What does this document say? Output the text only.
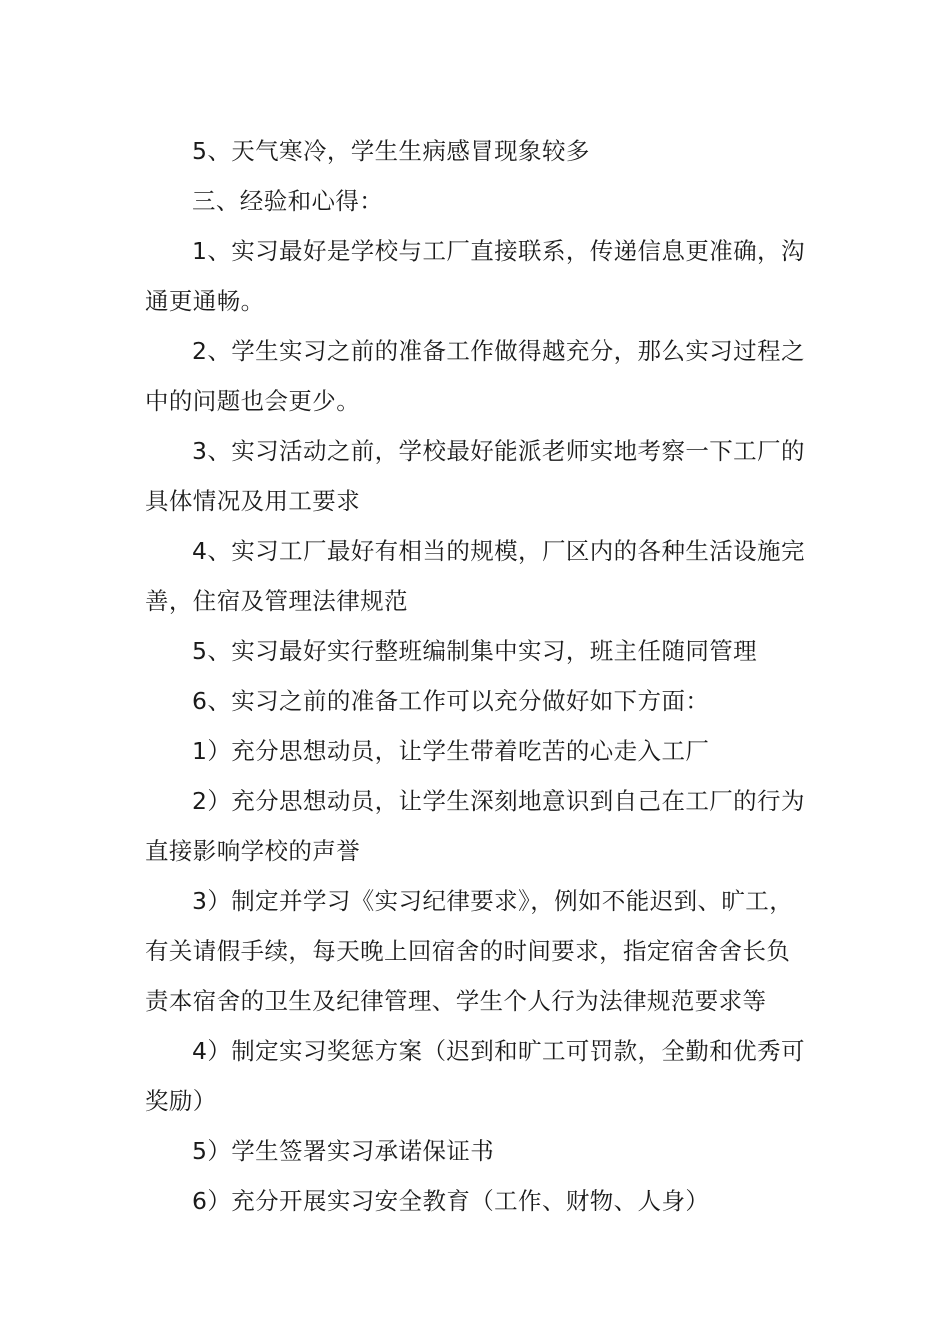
5、天气寒冷，学生生病感冒现象较多

三、经验和心得：

1、实习最好是学校与工厂直接联系，传递信息更准确，沟
通更通畅。

2、学生实习之前的准备工作做得越充分，那么实习过程之
中的问题也会更少。

3、实习活动之前，学校最好能派老师实地考察一下工厂的
具体情况及用工要求

4、实习工厂最好有相当的规模，厂区内的各种生活设施完
善，住宿及管理法律规范

5、实习最好实行整班编制集中实习，班主任随同管理

6、实习之前的准备工作可以充分做好如下方面：

1）充分思想动员，让学生带着吃苦的心走入工厂

2）充分思想动员，让学生深刻地意识到自己在工厂的行为
直接影响学校的声誉

3）制定并学习《实习纪律要求》，例如不能迟到、旷工，
有关请假手续，每天晚上回宿舍的时间要求，指定宿舍舍长负
责本宿舍的卫生及纪律管理、学生个人行为法律规范要求等

4）制定实习奖惩方案（迟到和旷工可罚款，全勤和优秀可
奖励）

5）学生签署实习承诺保证书

6）充分开展实习安全教育（工作、财物、人身）
